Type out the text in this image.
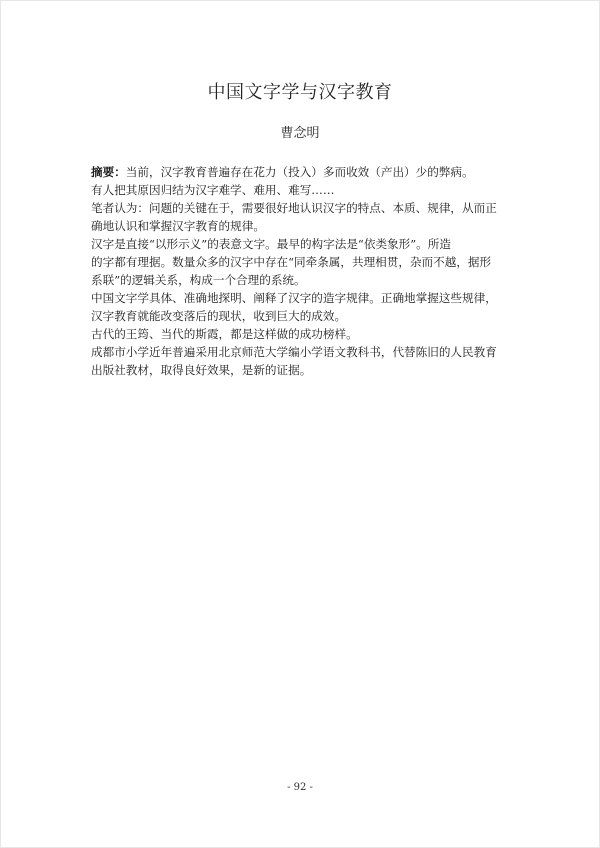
中国文字学与汉字教育
曹念明

摘要：当前，汉字教育普遍存在花力（投入）多而收效（产出）少的弊病。

有人把其原因归结为汉字难学、难用、难写……

笔者认为：问题的关键在于，需要很好地认识汉字的特点、本质、规律，从而正

确地认识和掌握汉字教育的规律。

汉字是直接“以形示义”的表意文字。最早的构字法是“依类象形”。所造

的字都有理据。数量众多的汉字中存在“同牵条属，共理相贯，杂而不越，据形

系联”的逻辑关系，构成一个合理的系统。

中国文字学具体、准确地探明、阐释了汉字的造字规律。正确地掌握这些规律，

汉字教育就能改变落后的现状，收到巨大的成效。

古代的王筠、当代的斯霞，都是这样做的成功榜样。

成都市小学近年普遍采用北京师范大学编小学语文教科书，代替陈旧的人民教育

出版社教材，取得良好效果，是新的证据。

- 92 -
